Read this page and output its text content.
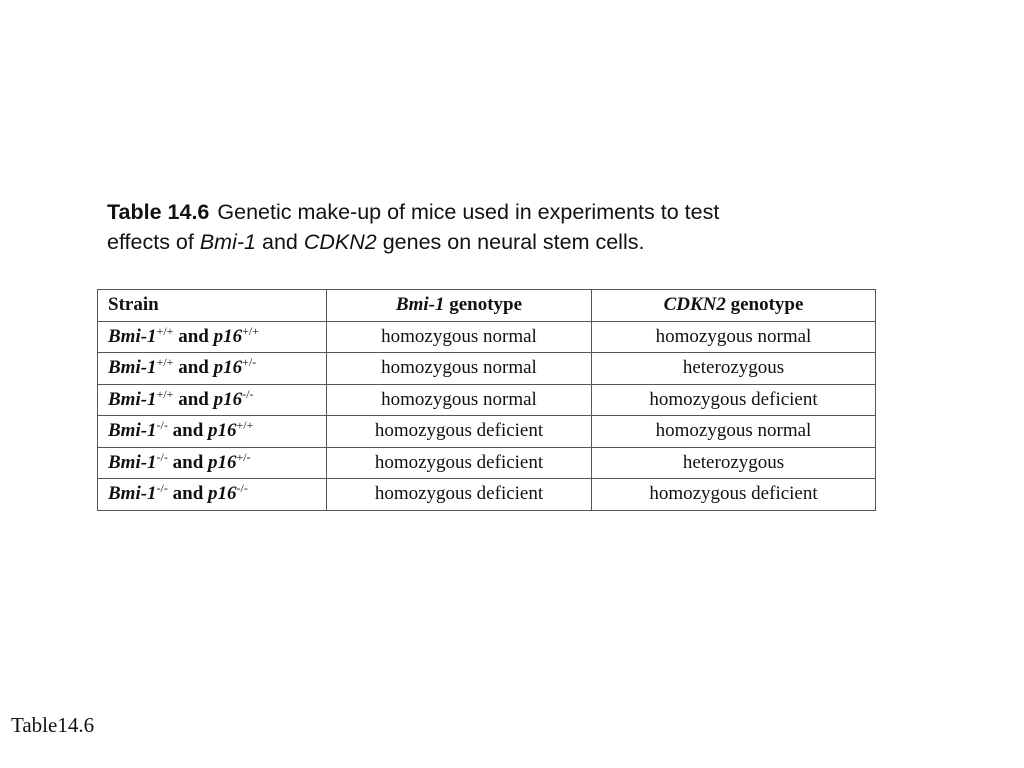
Table 14.6 Genetic make-up of mice used in experiments to test
effects of Bmi-1 and CDKN2 genes on neural stem cells.
Strain	Bmi-1 genotype	CDKN2 genotype
Bmi-1+/+ and p16+/+	homozygous normal	homozygous normal
Bmi-1+/+ and p16+/-	homozygous normal	heterozygous
Bmi-1+/+ and p16-/-	homozygous normal	homozygous deficient
Bmi-1-/- and p16+/+	homozygous deficient	homozygous normal
Bmi-1-/- and p16+/-	homozygous deficient	heterozygous
Bmi-1-/- and p16-/-	homozygous deficient	homozygous deficient
Table14.6
